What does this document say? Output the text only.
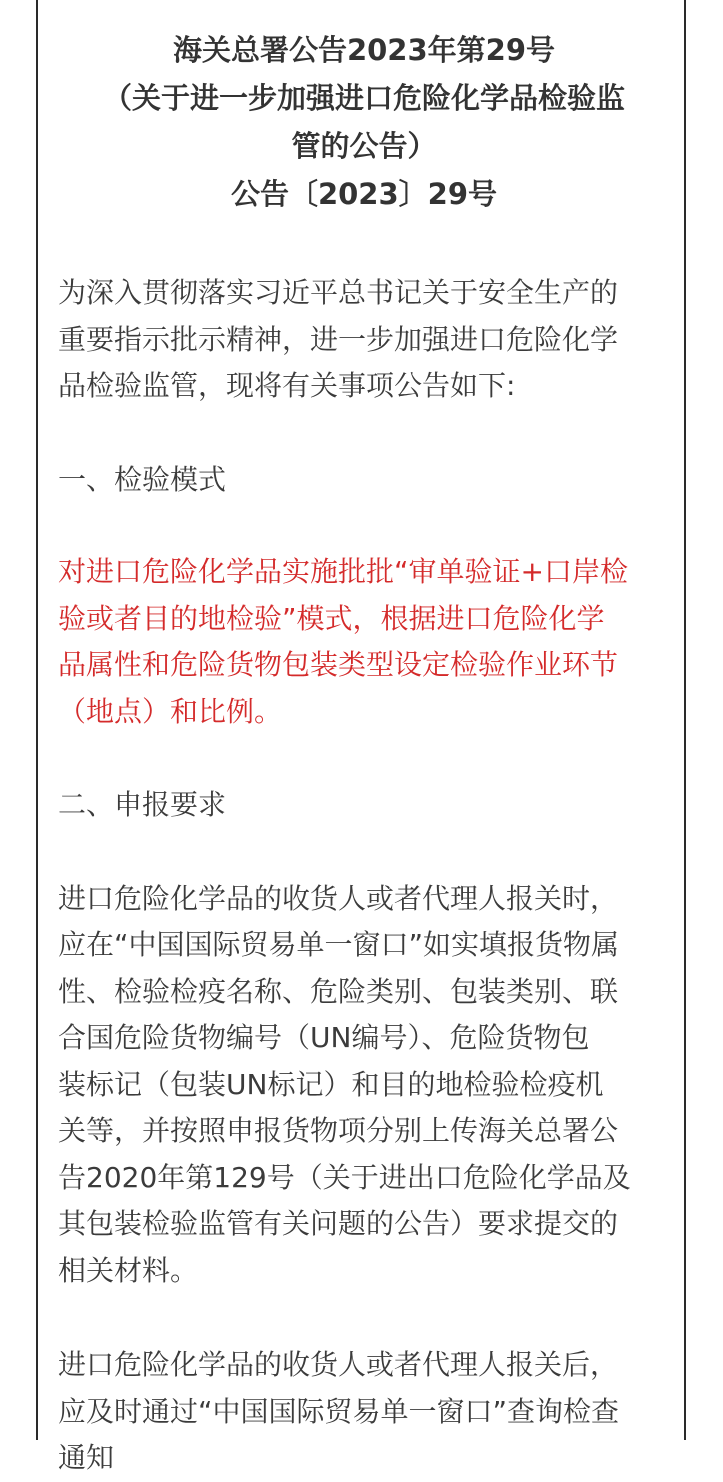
海关总署公告2023年第29号
（关于进一步加强进口危险化学品检验监
管的公告）
公告〔2023〕29号
为深入贯彻落实习近平总书记关于安全生产的
重要指示批示精神，进一步加强进口危险化学
品检验监管，现将有关事项公告如下:
一、检验模式
对进口危险化学品实施批批“审单验证+口岸检
验或者目的地检验”模式，根据进口危险化学
品属性和危险货物包装类型设定检验作业环节
（地点）和比例。
二、申报要求
进口危险化学品的收货人或者代理人报关时，
应在“中国国际贸易单一窗口”如实填报货物属
性、检验检疫名称、危险类别、包装类别、联
合国危险货物编号（UN编号）、危险货物包
装标记（包装UN标记）和目的地检验检疫机
关等，并按照申报货物项分别上传海关总署公
告2020年第129号（关于进出口危险化学品及
其包装检验监管有关问题的公告）要求提交的
相关材料。
进口危险化学品的收货人或者代理人报关后，
应及时通过“中国国际贸易单一窗口”查询检查
通知
